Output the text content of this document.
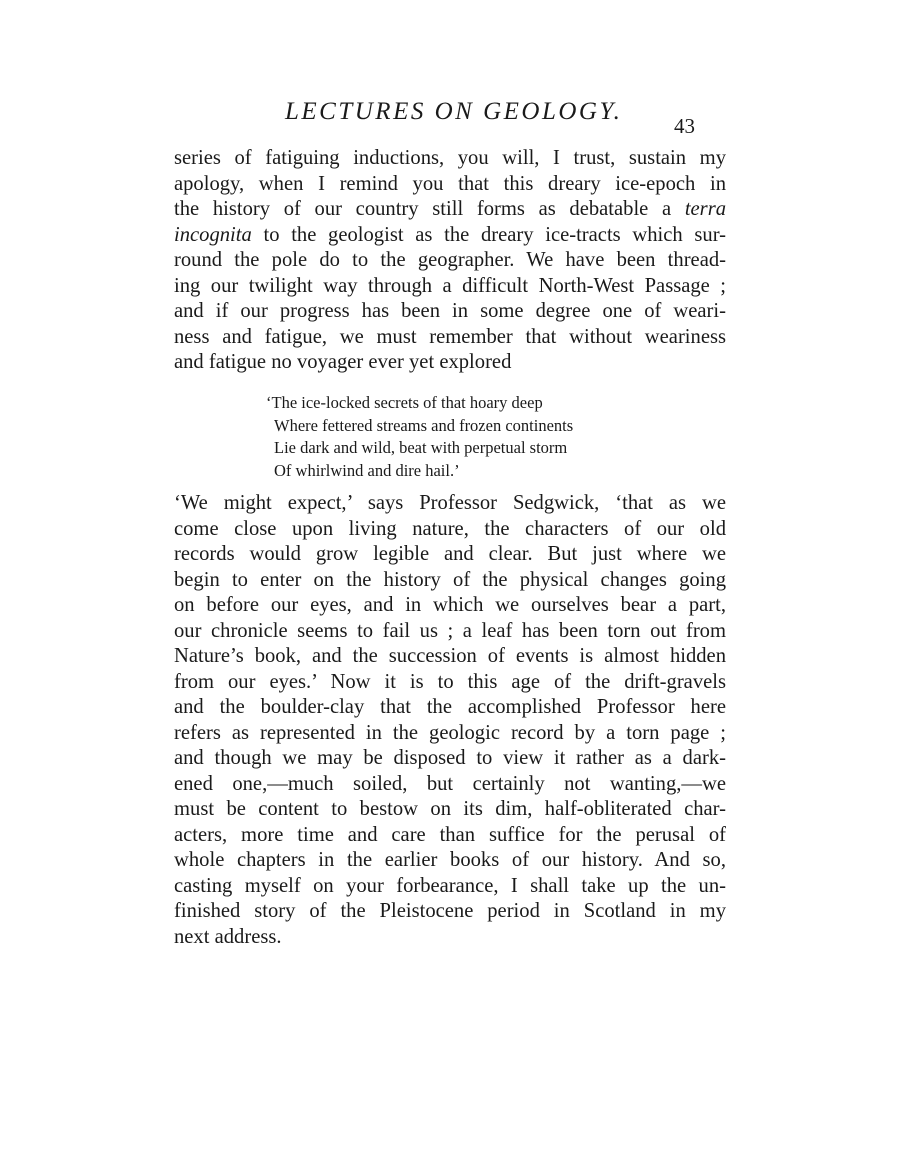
LECTURES ON GEOLOGY.
43
series of fatiguing inductions, you will, I trust, sustain my
apology, when I remind you that this dreary ice-epoch in
the history of our country still forms as debatable a terra
incognita to the geologist as the dreary ice-tracts which sur-
round the pole do to the geographer. We have been thread-
ing our twilight way through a difficult North-West Passage ;
and if our progress has been in some degree one of weari-
ness and fatigue, we must remember that without weariness
and fatigue no voyager ever yet explored
‘The ice-locked secrets of that hoary deep
Where fettered streams and frozen continents
Lie dark and wild, beat with perpetual storm
Of whirlwind and dire hail.’
‘We might expect,’ says Professor Sedgwick, ‘that as we
come close upon living nature, the characters of our old
records would grow legible and clear. But just where we
begin to enter on the history of the physical changes going
on before our eyes, and in which we ourselves bear a part,
our chronicle seems to fail us ; a leaf has been torn out from
Nature’s book, and the succession of events is almost hidden
from our eyes.’ Now it is to this age of the drift-gravels
and the boulder-clay that the accomplished Professor here
refers as represented in the geologic record by a torn page ;
and though we may be disposed to view it rather as a dark-
ened one,—much soiled, but certainly not wanting,—we
must be content to bestow on its dim, half-obliterated char-
acters, more time and care than suffice for the perusal of
whole chapters in the earlier books of our history. And so,
casting myself on your forbearance, I shall take up the un-
finished story of the Pleistocene period in Scotland in my
next address.
